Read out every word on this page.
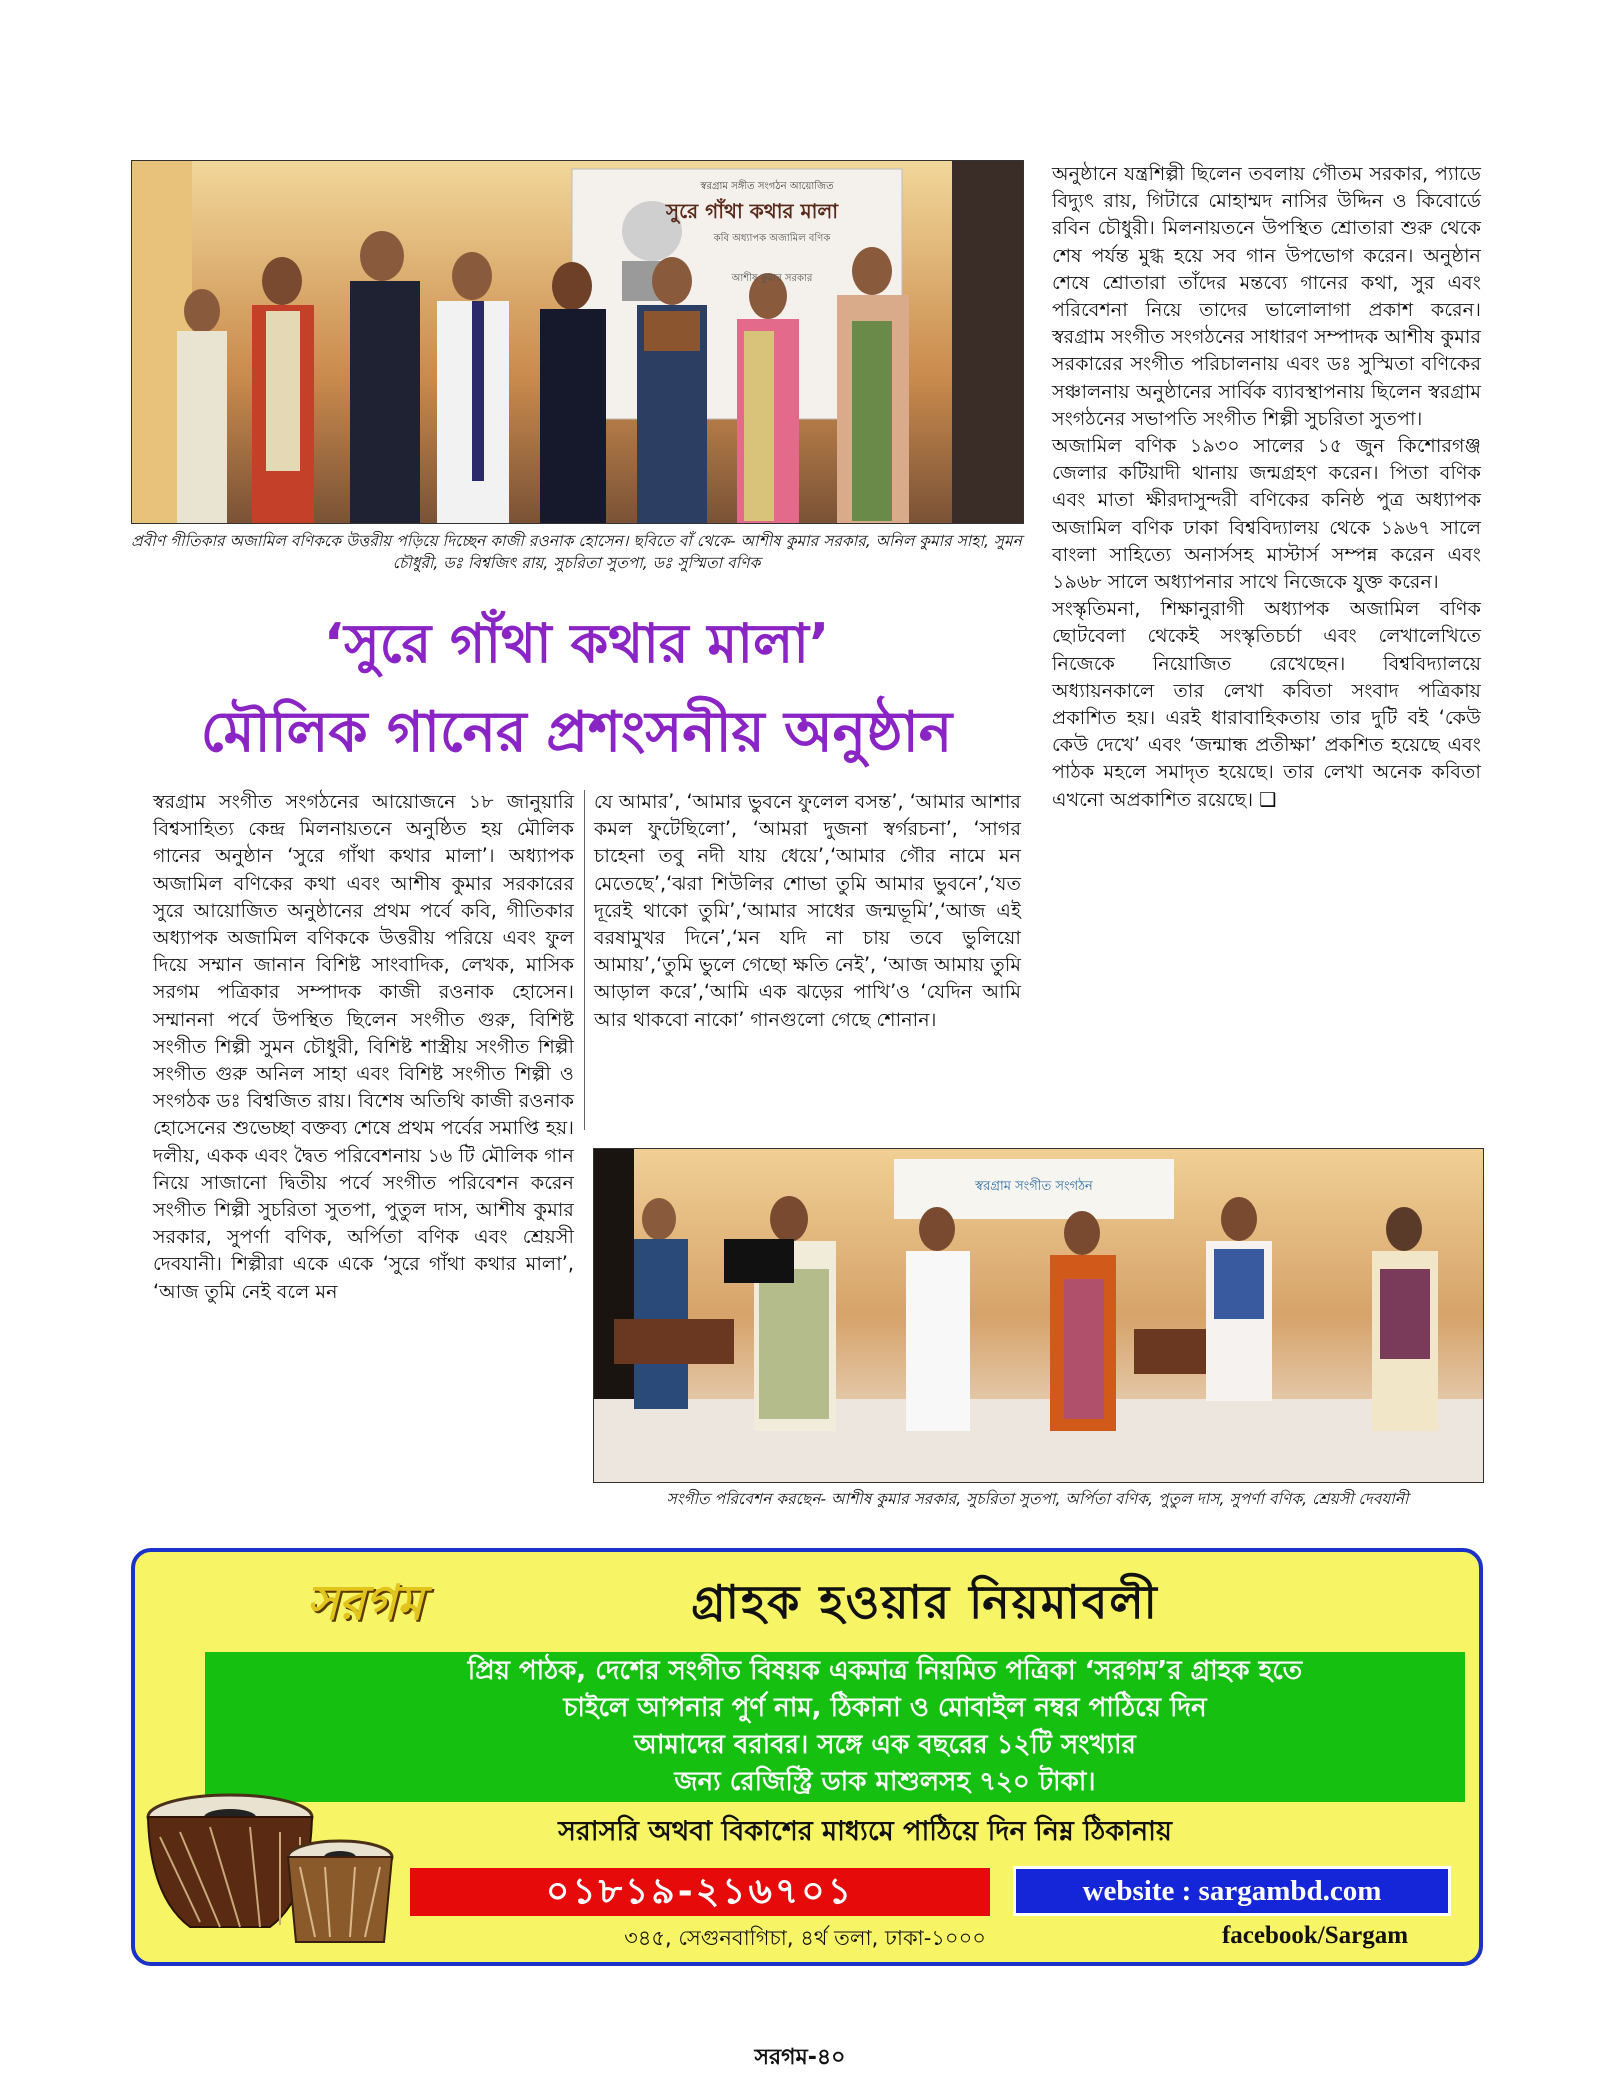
স্বরগ্রাম সঙ্গীত সংগঠন আয়োজিত
সুরে গাঁথা কথার মালা
কবি অধ্যাপক অজামিল বণিক
আশীষ কুমার সরকার
প্রবীণ গীতিকার অজামিল বণিককে উত্তরীয় পড়িয়ে দিচ্ছেন কাজী রওনাক হোসেন। ছবিতে বাঁ থেকে- আশীষ কুমার সরকার, অনিল কুমার সাহা, সুমন চৌধুরী, ডঃ বিশ্বজিৎ রায়, সুচরিতা সুতপা, ডঃ সুস্মিতা বণিক
‘সুরে গাঁথা কথার মালা’
মৌলিক গানের প্রশংসনীয় অনুষ্ঠান

স্বরগ্রাম সংগীত সংগঠনের আয়োজনে ১৮ জানুয়ারি বিশ্বসাহিত্য কেন্দ্র মিলনায়তনে অনুষ্ঠিত হয় মৌলিক গানের অনুষ্ঠান ‘সুরে গাঁথা কথার মালা’। অধ্যাপক অজামিল বণিকের কথা এবং আশীষ কুমার সরকারের সুরে আয়োজিত অনুষ্ঠানের প্রথম পর্বে কবি, গীতিকার অধ্যাপক অজামিল বণিককে উত্তরীয় পরিয়ে এবং ফুল দিয়ে সম্মান জানান বিশিষ্ট সাংবাদিক, লেখক, মাসিক সরগম পত্রিকার সম্পাদক কাজী রওনাক হোসেন। সম্মাননা পর্বে উপস্থিত ছিলেন সংগীত গুরু, বিশিষ্ট সংগীত শিল্পী সুমন চৌধুরী, বিশিষ্ট শাস্ত্রীয় সংগীত শিল্পী সংগীত গুরু অনিল সাহা এবং বিশিষ্ট সংগীত শিল্পী ও সংগঠক ডঃ বিশ্বজিত রায়। বিশেষ অতিথি কাজী রওনাক হোসেনের শুভেচ্ছা বক্তব্য শেষে প্রথম পর্বের সমাপ্তি হয়। দলীয়, একক এবং দ্বৈত পরিবেশনায় ১৬ টি মৌলিক গান নিয়ে সাজানো দ্বিতীয় পর্বে সংগীত পরিবেশন করেন সংগীত শিল্পী সুচরিতা সুতপা, পুতুল দাস, আশীষ কুমার সরকার, সুপর্ণা বণিক, অর্পিতা বণিক এবং শ্রেয়সী দেবযানী। শিল্পীরা একে একে ‘সুরে গাঁথা কথার মালা’, ‘আজ তুমি নেই বলে মন

যে আমার’, ‘আমার ভুবনে ফুলেল বসন্ত’, ‘আমার আশার কমল ফুটেছিলো’, ‘আমরা দুজনা স্বর্গরচনা’, ‘সাগর চাহেনা তবু নদী যায় ধেয়ে’,‘আমার গৌর নামে মন মেতেছে’,‘ঝরা শিউলির শোভা তুমি আমার ভুবনে’,‘যত দূরেই থাকো তুমি’,‘আমার সাধের জন্মভূমি’,‘আজ এই বরষামুখর দিনে’,‘মন যদি না চায় তবে ভুলিয়ো আমায়’,‘তুমি ভুলে গেছো ক্ষতি নেই’, ‘আজ আমায় তুমি আড়াল করে’,‘আমি এক ঝড়ের পাখি’ও ‘যেদিন আমি আর থাকবো নাকো’ গানগুলো গেছে শোনান।

অনুষ্ঠানে যন্ত্রশিল্পী ছিলেন তবলায় গৌতম সরকার, প্যাডে বিদ্যুৎ রায়, গিটারে মোহাম্মদ নাসির উদ্দিন ও কিবোর্ডে রবিন চৌধুরী। মিলনায়তনে উপস্থিত শ্রোতারা শুরু থেকে শেষ পর্যন্ত মুগ্ধ হয়ে সব গান উপভোগ করেন। অনুষ্ঠান শেষে শ্রোতারা তাঁদের মন্তব্যে গানের কথা, সুর এবং পরিবেশনা নিয়ে তাদের ভালোলাগা প্রকাশ করেন। স্বরগ্রাম সংগীত সংগঠনের সাধারণ সম্পাদক আশীষ কুমার সরকারের সংগীত পরিচালনায় এবং ডঃ সুস্মিতা বণিকের সঞ্চালনায় অনুষ্ঠানের সার্বিক ব্যাবস্থাপনায় ছিলেন স্বরগ্রাম সংগঠনের সভাপতি সংগীত শিল্পী সুচরিতা সুতপা।

অজামিল বণিক ১৯৩০ সালের ১৫ জুন কিশোরগঞ্জ জেলার কটিয়াদী থানায় জন্মগ্রহণ করেন। পিতা বণিক এবং মাতা ক্ষীরদাসুন্দরী বণিকের কনিষ্ঠ পুত্র অধ্যাপক অজামিল বণিক ঢাকা বিশ্ববিদ্যালয় থেকে ১৯৬৭ সালে বাংলা সাহিত্যে অনার্সসহ মাস্টার্স সম্পন্ন করেন এবং ১৯৬৮ সালে অধ্যাপনার সাথে নিজেকে যুক্ত করেন।

সংস্কৃতিমনা, শিক্ষানুরাগী অধ্যাপক অজামিল বণিক ছোটবেলা থেকেই সংস্কৃতিচর্চা এবং লেখালেখিতে নিজেকে নিয়োজিত রেখেছেন। বিশ্ববিদ্যালয়ে অধ্যায়নকালে তার লেখা কবিতা সংবাদ পত্রিকায় প্রকাশিত হয়। এরই ধারাবাহিকতায় তার দুটি বই ‘কেউ কেউ দেখে’ এবং ‘জন্মান্ধ প্রতীক্ষা’ প্রকশিত হয়েছে এবং পাঠক মহলে সমাদৃত হয়েছে। তার লেখা অনেক কবিতা এখনো অপ্রকাশিত রয়েছে। ❑

স্বরগ্রাম সংগীত সংগঠন
সংগীত পরিবেশন করছেন- আশীষ কুমার সরকার, সুচরিতা সুতপা, অর্পিতা বণিক, পুতুল দাস, সুপর্ণা বণিক, শ্রেয়সী দেবযানী
সরগম	গ্রাহক হওয়ার নিয়মাবলী
প্রিয় পাঠক, দেশের সংগীত বিষয়ক একমাত্র নিয়মিত পত্রিকা ‘সরগম’র গ্রাহক হতে
চাইলে আপনার পুর্ণ নাম, ঠিকানা ও মোবাইল নম্বর পাঠিয়ে দিন
আমাদের বরাবর। সঙ্গে এক বছরের ১২টি সংখ্যার
জন্য রেজিস্ট্রি ডাক মাশুলসহ ৭২০ টাকা।
সরাসরি অথবা বিকাশের মাধ্যমে পাঠিয়ে দিন নিম্ন ঠিকানায়
০১৮১৯-২১৬৭০১	website : sargambd.com
৩৪৫, সেগুনবাগিচা, ৪র্থ তলা, ঢাকা-১০০০	facebook/Sargam
সরগম-৪০
